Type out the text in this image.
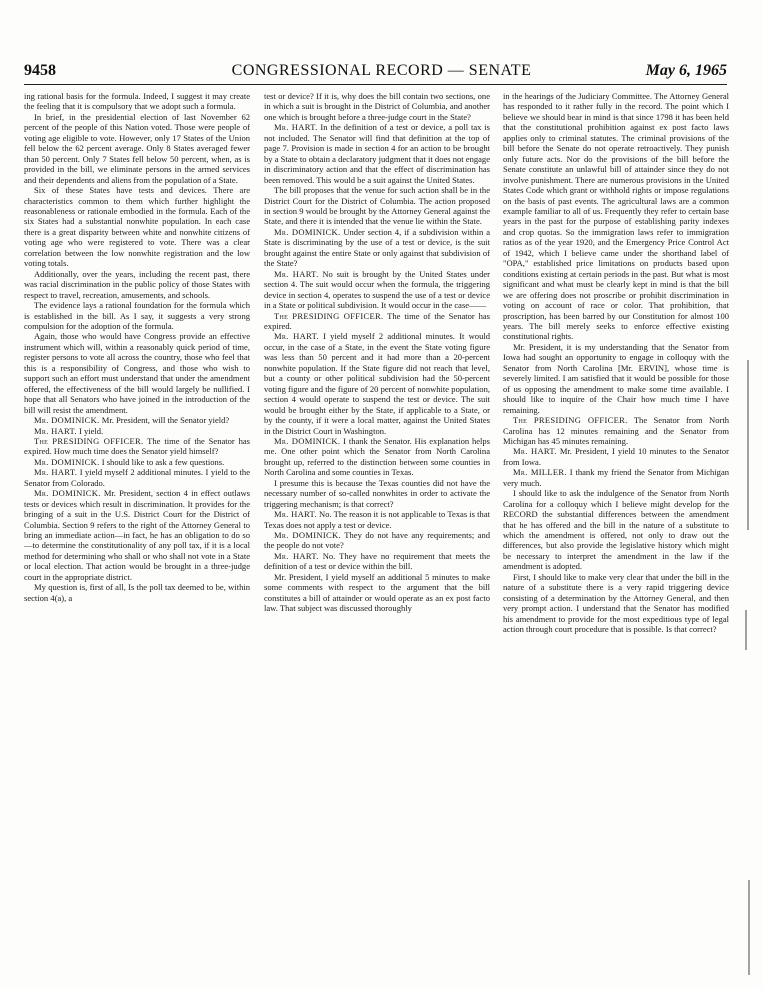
9458	CONGRESSIONAL RECORD — SENATE	May 6, 1965

ing rational basis for the formula. Indeed, I suggest it may create the feeling that it is compulsory that we adopt such a formula.

In brief, in the presidential election of last November 62 percent of the people of this Nation voted. Those were people of voting age eligible to vote. However, only 17 States of the Union fell below the 62 percent average. Only 8 States averaged fewer than 50 percent. Only 7 States fell below 50 percent, when, as is provided in the bill, we eliminate persons in the armed services and their dependents and aliens from the population of a State.

Six of these States have tests and devices. There are characteristics common to them which further highlight the reasonableness or rationale embodied in the formula. Each of the six States had a substantial nonwhite population. In each case there is a great disparity between white and nonwhite citizens of voting age who were registered to vote. There was a clear correlation between the low nonwhite registration and the low voting totals.

Additionally, over the years, including the recent past, there was racial discrimination in the public policy of those States with respect to travel, recreation, amusements, and schools.

The evidence lays a rational foundation for the formula which is established in the bill. As I say, it suggests a very strong compulsion for the adoption of the formula.

Again, those who would have Congress provide an effective instrument which will, within a reasonably quick period of time, register persons to vote all across the country, those who feel that this is a responsibility of Congress, and those who wish to support such an effort must understand that under the amendment offered, the effectiveness of the bill would largely be nullified. I hope that all Senators who have joined in the introduction of the bill will resist the amendment.

Mr. DOMINICK. Mr. President, will the Senator yield?

Mr. HART. I yield.

The PRESIDING OFFICER. The time of the Senator has expired. How much time does the Senator yield himself?

Mr. DOMINICK. I should like to ask a few questions.

Mr. HART. I yield myself 2 additional minutes. I yield to the Senator from Colorado.

Mr. DOMINICK. Mr. President, section 4 in effect outlaws tests or devices which result in discrimination. It provides for the bringing of a suit in the U.S. District Court for the District of Columbia. Section 9 refers to the right of the Attorney General to bring an immediate action—in fact, he has an obligation to do so—to determine the constitutionality of any poll tax, if it is a local method for determining who shall or who shall not vote in a State or local election. That action would be brought in a three-judge court in the appropriate district.

My question is, first of all, Is the poll tax deemed to be, within section 4(a), a

test or device? If it is, why does the bill contain two sections, one in which a suit is brought in the District of Columbia, and another one which is brought before a three-judge court in the State?

Mr. HART. In the definition of a test or device, a poll tax is not included. The Senator will find that definition at the top of page 7. Provision is made in section 4 for an action to be brought by a State to obtain a declaratory judgment that it does not engage in discriminatory action and that the effect of discrimination has been removed. This would be a suit against the United States.

The bill proposes that the venue for such action shall be in the District Court for the District of Columbia. The action proposed in section 9 would be brought by the Attorney General against the State, and there it is intended that the venue lie within the State.

Mr. DOMINICK. Under section 4, if a subdivision within a State is discriminating by the use of a test or device, is the suit brought against the entire State or only against that subdivision of the State?

Mr. HART. No suit is brought by the United States under section 4. The suit would occur when the formula, the triggering device in section 4, operates to suspend the use of a test or device in a State or political subdivision. It would occur in the case——

The PRESIDING OFFICER. The time of the Senator has expired.

Mr. HART. I yield myself 2 additional minutes. It would occur, in the case of a State, in the event the State voting figure was less than 50 percent and it had more than a 20-percent nonwhite population. If the State figure did not reach that level, but a county or other political subdivision had the 50-percent voting figure and the figure of 20 percent of nonwhite population, section 4 would operate to suspend the test or device. The suit would be brought either by the State, if applicable to a State, or by the county, if it were a local matter, against the United States in the District Court in Washington.

Mr. DOMINICK. I thank the Senator. His explanation helps me. One other point which the Senator from North Carolina brought up, referred to the distinction between some counties in North Carolina and some counties in Texas.

I presume this is because the Texas counties did not have the necessary number of so-called nonwhites in order to activate the triggering mechanism; is that correct?

Mr. HART. No. The reason it is not applicable to Texas is that Texas does not apply a test or device.

Mr. DOMINICK. They do not have any requirements; and the people do not vote?

Mr. HART. No. They have no requirement that meets the definition of a test or device within the bill.

Mr. President, I yield myself an additional 5 minutes to make some comments with respect to the argument that the bill constitutes a bill of attainder or would operate as an ex post facto law. That subject was discussed thoroughly

in the hearings of the Judiciary Committee. The Attorney General has responded to it rather fully in the record. The point which I believe we should bear in mind is that since 1798 it has been held that the constitutional prohibition against ex post facto laws applies only to criminal statutes. The criminal provisions of the bill before the Senate do not operate retroactively. They punish only future acts. Nor do the provisions of the bill before the Senate constitute an unlawful bill of attainder since they do not involve punishment. There are numerous provisions in the United States Code which grant or withhold rights or impose regulations on the basis of past events. The agricultural laws are a common example familiar to all of us. Frequently they refer to certain base years in the past for the purpose of establishing parity indexes and crop quotas. So the immigration laws refer to immigration ratios as of the year 1920, and the Emergency Price Control Act of 1942, which I believe came under the shorthand label of "OPA," established price limitations on products based upon conditions existing at certain periods in the past. But what is most significant and what must be clearly kept in mind is that the bill we are offering does not proscribe or prohibit discrimination in voting on account of race or color. That prohibition, that proscription, has been barred by our Constitution for almost 100 years. The bill merely seeks to enforce effective existing constitutional rights.

Mr. President, it is my understanding that the Senator from Iowa had sought an opportunity to engage in colloquy with the Senator from North Carolina [Mr. ERVIN], whose time is severely limited. I am satisfied that it would be possible for those of us opposing the amendment to make some time available. I should like to inquire of the Chair how much time I have remaining.

The PRESIDING OFFICER. The Senator from North Carolina has 12 minutes remaining and the Senator from Michigan has 45 minutes remaining.

Mr. HART. Mr. President, I yield 10 minutes to the Senator from Iowa.

Mr. MILLER. I thank my friend the Senator from Michigan very much.

I should like to ask the indulgence of the Senator from North Carolina for a colloquy which I believe might develop for the RECORD the substantial differences between the amendment that he has offered and the bill in the nature of a substitute to which the amendment is offered, not only to draw out the differences, but also provide the legislative history which might be necessary to interpret the amendment in the law if the amendment is adopted.

First, I should like to make very clear that under the bill in the nature of a substitute there is a very rapid triggering device consisting of a determination by the Attorney General, and then very prompt action. I understand that the Senator has modified his amendment to provide for the most expeditious type of legal action through court procedure that is possible. Is that correct?
